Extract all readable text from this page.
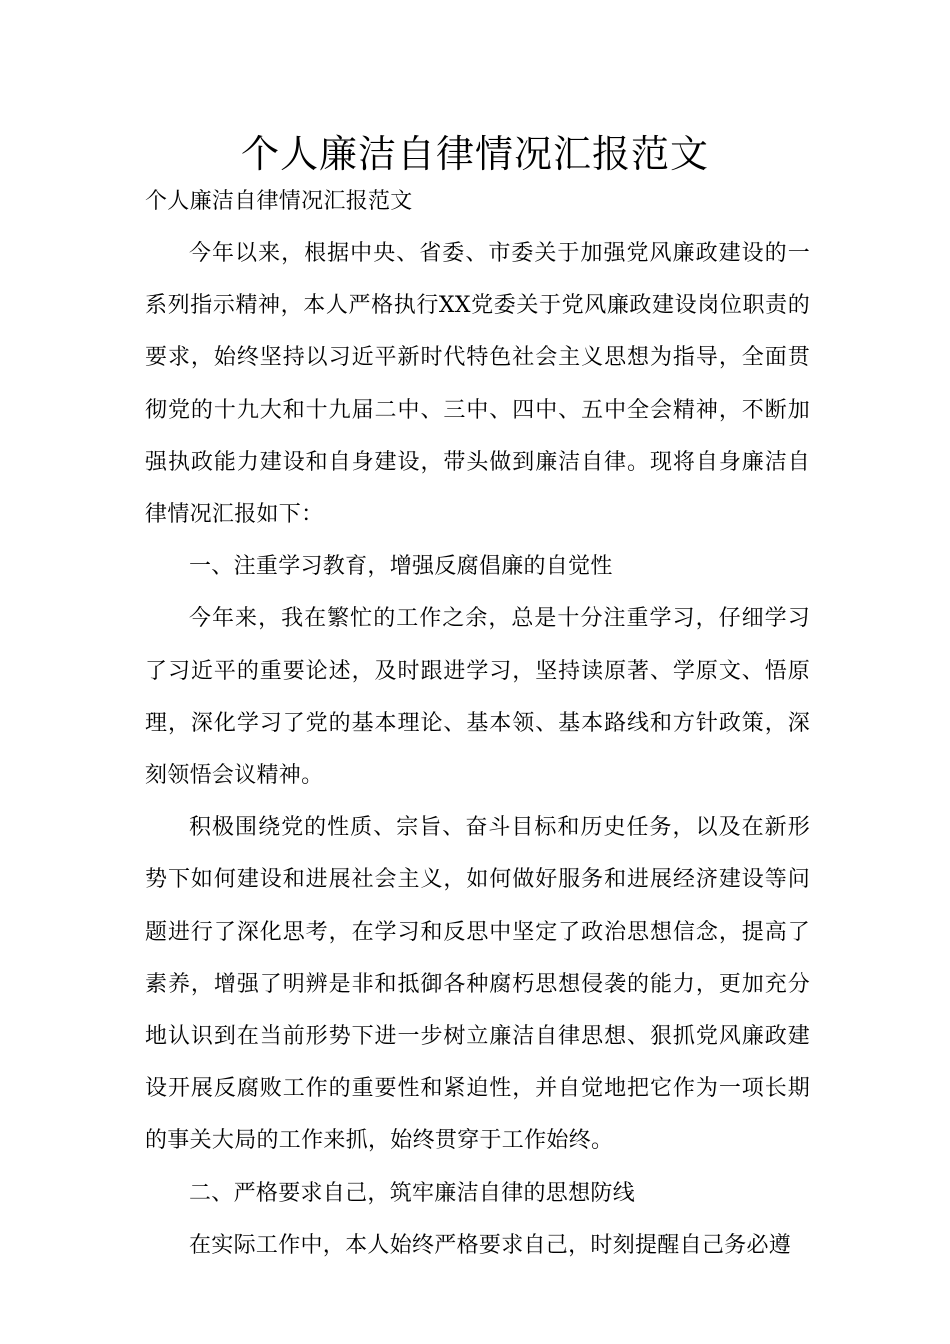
个人廉洁自律情况汇报范文
个人廉洁自律情况汇报范文

今年以来，根据中央、省委、市委关于加强党风廉政建设的一系列指示精神，本人严格执行XX党委关于党风廉政建设岗位职责的要求，始终坚持以习近平新时代特色社会主义思想为指导，全面贯彻党的十九大和十九届二中、三中、四中、五中全会精神，不断加强执政能力建设和自身建设，带头做到廉洁自律。现将自身廉洁自律情况汇报如下：

一、注重学习教育，增强反腐倡廉的自觉性

今年来，我在繁忙的工作之余，总是十分注重学习，仔细学习了习近平的重要论述，及时跟进学习，坚持读原著、学原文、悟原理，深化学习了党的基本理论、基本领、基本路线和方针政策，深刻领悟会议精神。

积极围绕党的性质、宗旨、奋斗目标和历史任务，以及在新形势下如何建设和进展社会主义，如何做好服务和进展经济建设等问题进行了深化思考，在学习和反思中坚定了政治思想信念，提高了素养，增强了明辨是非和抵御各种腐朽思想侵袭的能力，更加充分地认识到在当前形势下进一步树立廉洁自律思想、狠抓党风廉政建设开展反腐败工作的重要性和紧迫性，并自觉地把它作为一项长期的事关大局的工作来抓，始终贯穿于工作始终。

二、严格要求自己，筑牢廉洁自律的思想防线

在实际工作中，本人始终严格要求自己，时刻提醒自己务必遵
